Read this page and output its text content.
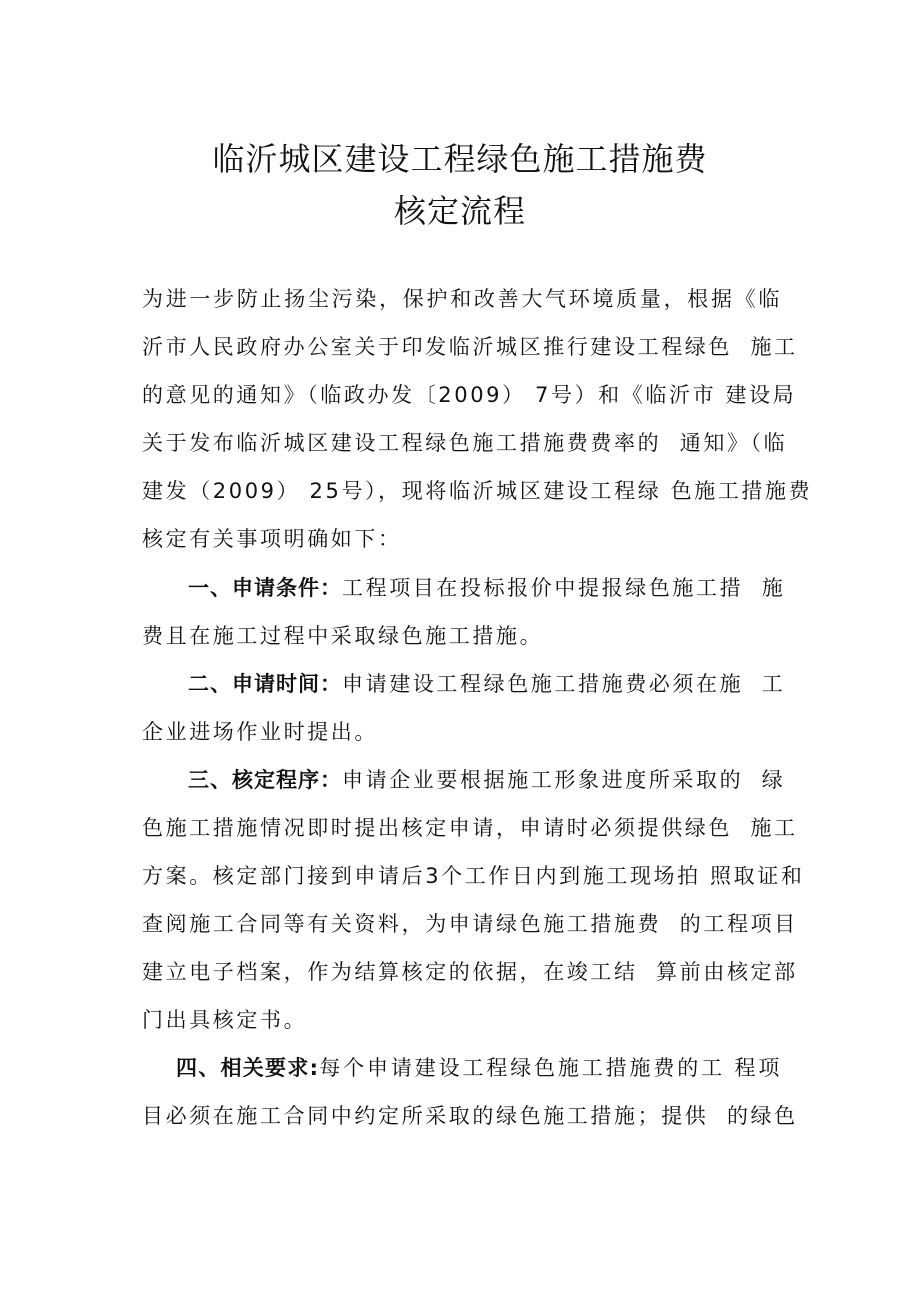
临沂城区建设工程绿色施工措施费
核定流程
为进一步防止扬尘污染，保护和改善大气环境质量，根据《临
沂市人民政府办公室关于印发临沂城区推行建设工程绿色  施工
的意见的通知》（临政办发〔2009） 7号）和《临沂市 建设局
关于发布临沂城区建设工程绿色施工措施费费率的  通知》（临
建发（2009） 25号），现将临沂城区建设工程绿 色施工措施费
核定有关事项明确如下：
一、申请条件：工程项目在投标报价中提报绿色施工措  施
费且在施工过程中采取绿色施工措施。
二、申请时间：申请建设工程绿色施工措施费必须在施  工
企业进场作业时提出。
三、核定程序：申请企业要根据施工形象进度所采取的  绿
色施工措施情况即时提出核定申请，申请时必须提供绿色  施工
方案。核定部门接到申请后3个工作日内到施工现场拍 照取证和
查阅施工合同等有关资料，为申请绿色施工措施费  的工程项目
建立电子档案，作为结算核定的依据，在竣工结  算前由核定部
门出具核定书。
四、相关要求:每个申请建设工程绿色施工措施费的工 程项
目必须在施工合同中约定所采取的绿色施工措施；提供  的绿色
